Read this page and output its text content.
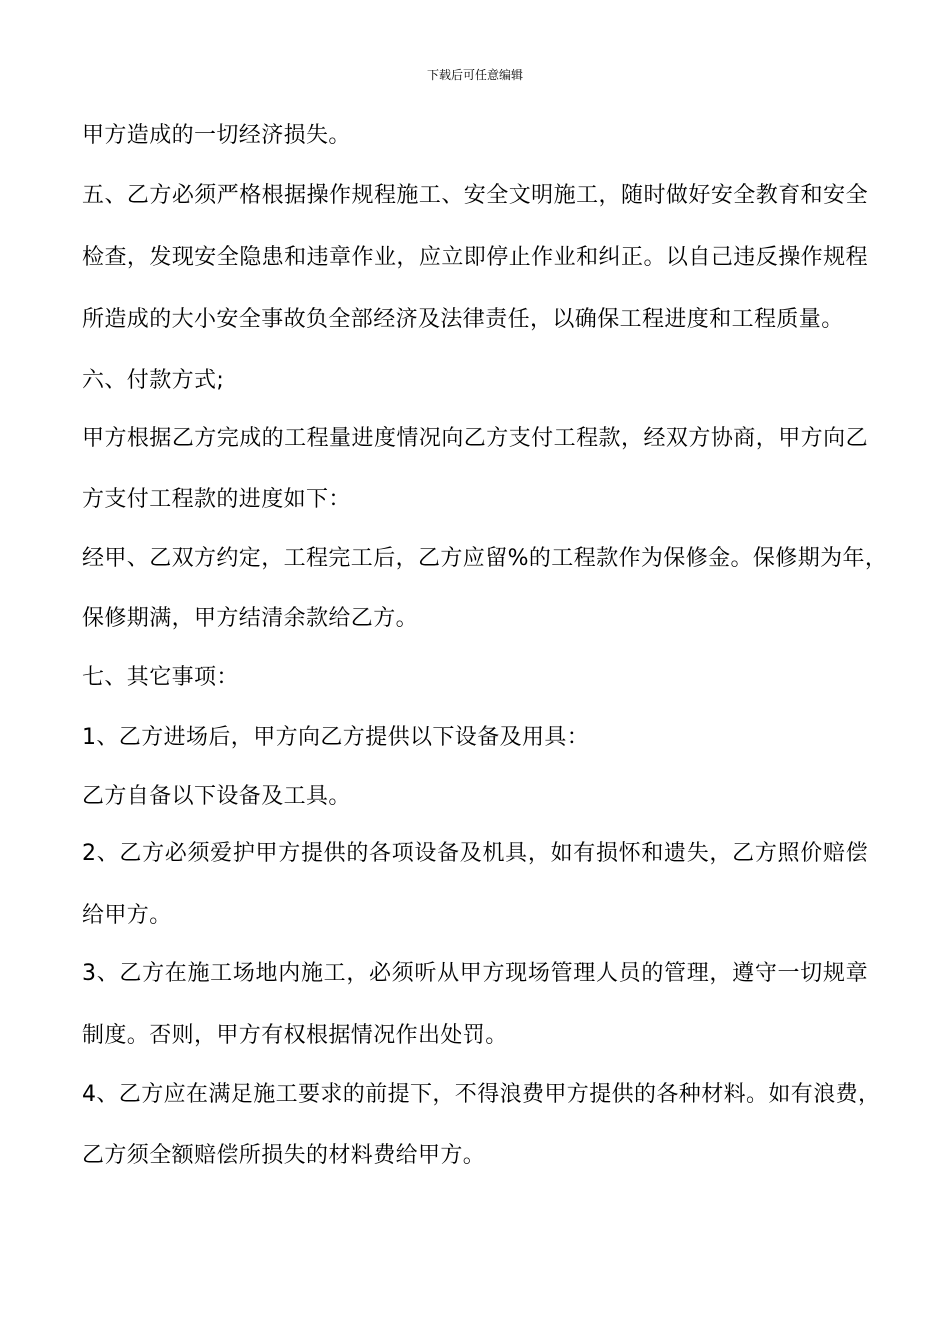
下载后可任意编辑
甲方造成的一切经济损失。
五、乙方必须严格根据操作规程施工、安全文明施工，随时做好安全教育和安全
检查，发现安全隐患和违章作业，应立即停止作业和纠正。以自己违反操作规程
所造成的大小安全事故负全部经济及法律责任，以确保工程进度和工程质量。
六、付款方式;
甲方根据乙方完成的工程量进度情况向乙方支付工程款，经双方协商，甲方向乙
方支付工程款的进度如下：
经甲、乙双方约定，工程完工后，乙方应留%的工程款作为保修金。保修期为年，
保修期满，甲方结清余款给乙方。
七、其它事项：
1、乙方进场后，甲方向乙方提供以下设备及用具：
乙方自备以下设备及工具。
2、乙方必须爱护甲方提供的各项设备及机具，如有损怀和遗失，乙方照价赔偿
给甲方。
3、乙方在施工场地内施工，必须听从甲方现场管理人员的管理，遵守一切规章
制度。否则，甲方有权根据情况作出处罚。
4、乙方应在满足施工要求的前提下，不得浪费甲方提供的各种材料。如有浪费，
乙方须全额赔偿所损失的材料费给甲方。
